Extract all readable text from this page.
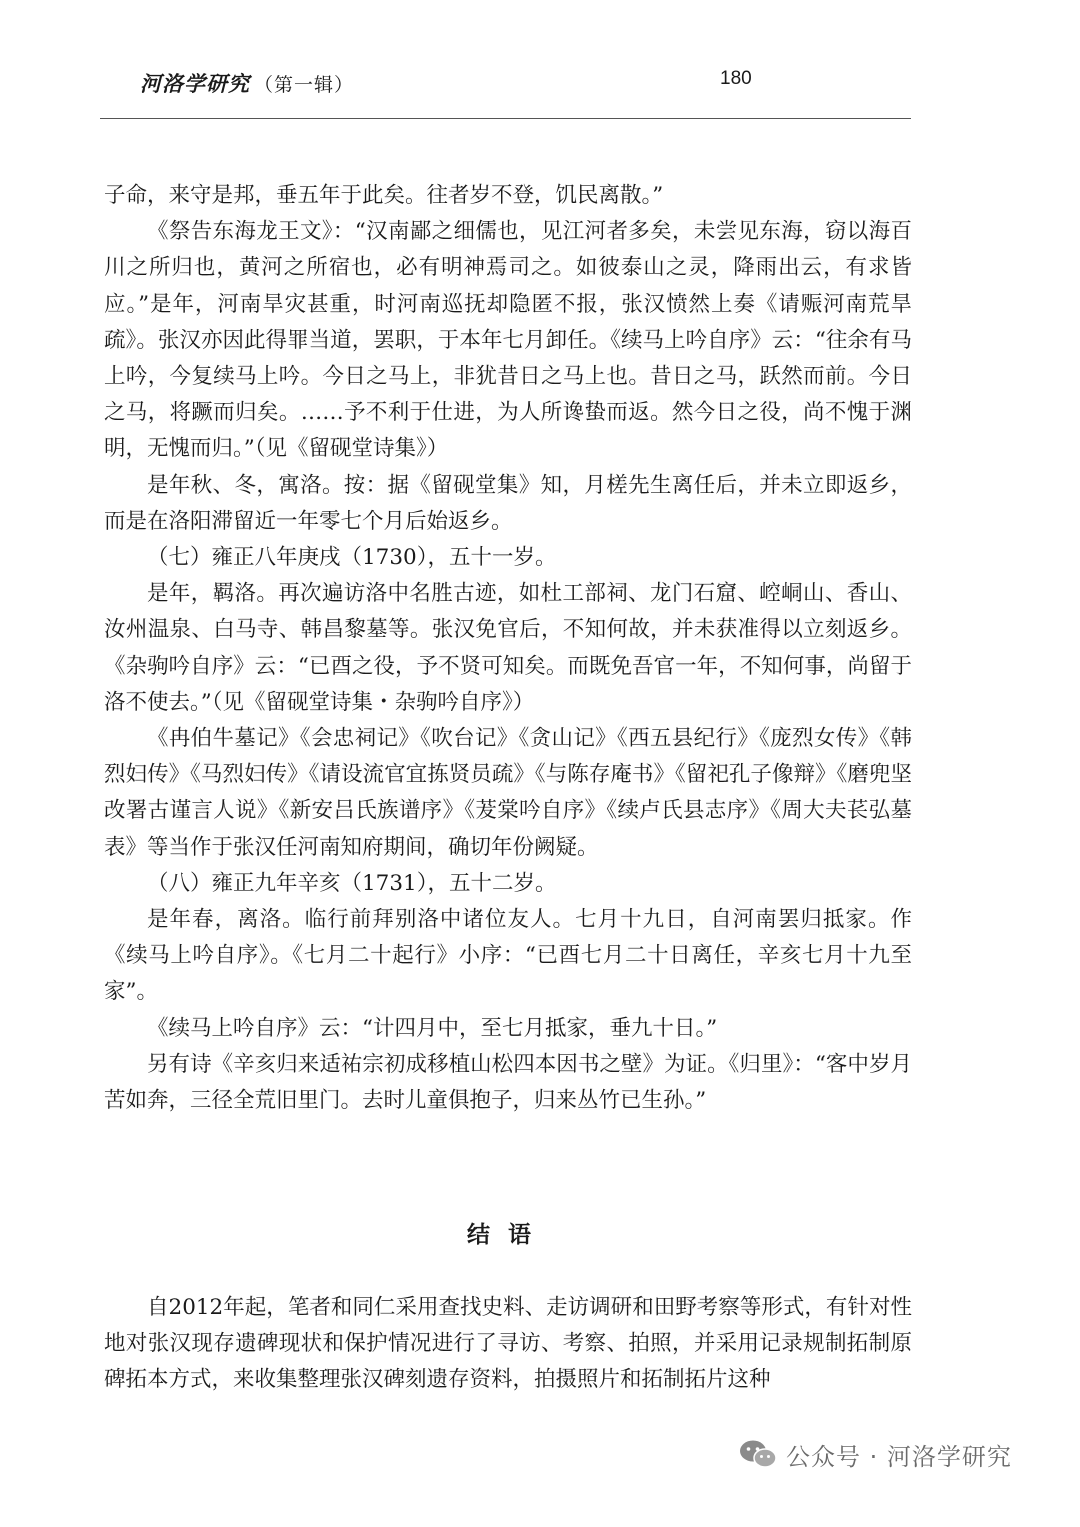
河洛学研究 （第一辑）	180

子命，来守是邦，垂五年于此矣。往者岁不登，饥民离散。”

《祭告东海龙王文》：“汉南鄙之细儒也，见江河者多矣，未尝见东海，窃以海百川之所归也，黄河之所宿也，必有明神焉司之。如彼泰山之灵，降雨出云，有求皆应。”是年，河南旱灾甚重，时河南巡抚却隐匿不报，张汉愤然上奏《请赈河南荒旱疏》。张汉亦因此得罪当道，罢职，于本年七月卸任。《续马上吟自序》云：“往余有马上吟，今复续马上吟。今日之马上，非犹昔日之马上也。昔日之马，跃然而前。今日之马，将蹶而归矣。……予不利于仕进，为人所谗蛰而返。然今日之役，尚不愧于渊明，无愧而归。”（见《留砚堂诗集》）

是年秋、冬，寓洛。按：据《留砚堂集》知，月槎先生离任后，并未立即返乡，而是在洛阳滞留近一年零七个月后始返乡。

（七）雍正八年庚戌（1730），五十一岁。

是年，羁洛。再次遍访洛中名胜古迹，如杜工部祠、龙门石窟、崆峒山、香山、汝州温泉、白马寺、韩昌黎墓等。张汉免官后，不知何故，并未获准得以立刻返乡。《杂驹吟自序》云：“已酉之役，予不贤可知矣。而既免吾官一年，不知何事，尚留于洛不使去。”（见《留砚堂诗集・杂驹吟自序》）

《冉伯牛墓记》《会忠祠记》《吹台记》《贪山记》《西五县纪行》《庞烈女传》《韩烈妇传》《马烈妇传》《请设流官宜拣贤员疏》《与陈存庵书》《留祀孔子像辩》《磨兜坚改署古谨言人说》《新安吕氏族谱序》《茇棠吟自序》《续卢氏县志序》《周大夫苌弘墓表》等当作于张汉任河南知府期间，确切年份阙疑。

（八）雍正九年辛亥（1731），五十二岁。

是年春，离洛。临行前拜别洛中诸位友人。七月十九日，自河南罢归抵家。作《续马上吟自序》。《七月二十起行》小序：“已酉七月二十日离任，辛亥七月十九至家”。

《续马上吟自序》云：“计四月中，至七月抵家，垂九十日。”

另有诗《辛亥归来适祐宗初成移植山松四本因书之壁》为证。《归里》：“客中岁月苦如奔，三径全荒旧里门。去时儿童俱抱子，归来丛竹已生孙。”

结语

自2012年起，笔者和同仁采用查找史料、走访调研和田野考察等形式，有针对性地对张汉现存遗碑现状和保护情况进行了寻访、考察、拍照，并采用记录规制拓制原碑拓本方式，来收集整理张汉碑刻遗存资料，拍摄照片和拓制拓片这种

公众号 · 河洛学研究
